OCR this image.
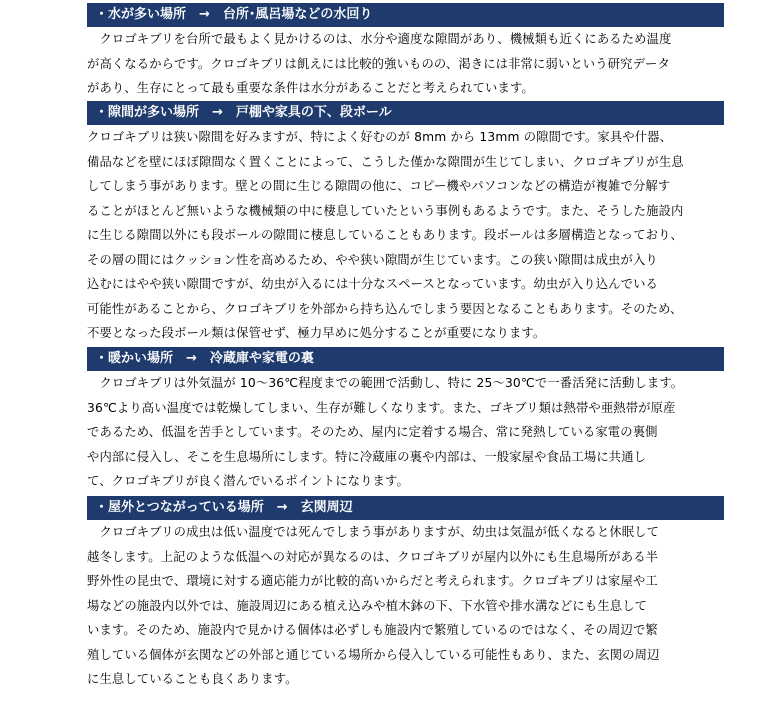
・水が多い場所　→　台所･風呂場などの水回り
　クロゴキブリを台所で最もよく見かけるのは、水分や適度な隙間があり、機械類も近くにあるため温度
が高くなるからです。クロゴキブリは飢えには比較的強いものの、渇きには非常に弱いという研究データ
があり、生存にとって最も重要な条件は水分があることだと考えられています。
・隙間が多い場所　→　戸棚や家具の下、段ボール
クロゴキブリは狭い隙間を好みますが、特によく好むのが 8mm から 13mm の隙間です。家具や什器、
備品などを壁にほぼ隙間なく置くことによって、こうした僅かな隙間が生じてしまい、クロゴキブリが生息
してしまう事があります。壁との間に生じる隙間の他に、コピー機やパソコンなどの構造が複雑で分解す
ることがほとんど無いような機械類の中に棲息していたという事例もあるようです。また、そうした施設内
に生じる隙間以外にも段ボールの隙間に棲息していることもあります。段ボールは多層構造となっており、
その層の間にはクッション性を高めるため、やや狭い隙間が生じています。この狭い隙間は成虫が入り
込むにはやや狭い隙間ですが、幼虫が入るには十分なスペースとなっています。幼虫が入り込んでいる
可能性があることから、クロゴキブリを外部から持ち込んでしまう要因となることもあります。そのため、
不要となった段ボール類は保管せず、極力早めに処分することが重要になります。
・暖かい場所　→　冷蔵庫や家電の裏
　クロゴキブリは外気温が 10～36℃程度までの範囲で活動し、特に 25～30℃で一番活発に活動します。
36℃より高い温度では乾燥してしまい、生存が難しくなります。また、ゴキブリ類は熱帯や亜熱帯が原産
であるため、低温を苦手としています。そのため、屋内に定着する場合、常に発熱している家電の裏側
や内部に侵入し、そこを生息場所にします。特に冷蔵庫の裏や内部は、一般家屋や食品工場に共通し
て、クロゴキブリが良く潜んでいるポイントになります。
・屋外とつながっている場所　→　玄関周辺
　クロゴキブリの成虫は低い温度では死んでしまう事がありますが、幼虫は気温が低くなると休眠して
越冬します。上記のような低温への対応が異なるのは、クロゴキブリが屋内以外にも生息場所がある半
野外性の昆虫で、環境に対する適応能力が比較的高いからだと考えられます。クロゴキブリは家屋や工
場などの施設内以外では、施設周辺にある植え込みや植木鉢の下、下水管や排水溝などにも生息して
います。そのため、施設内で見かける個体は必ずしも施設内で繁殖しているのではなく、その周辺で繁
殖している個体が玄関などの外部と通じている場所から侵入している可能性もあり、また、玄関の周辺
に生息していることも良くあります。
